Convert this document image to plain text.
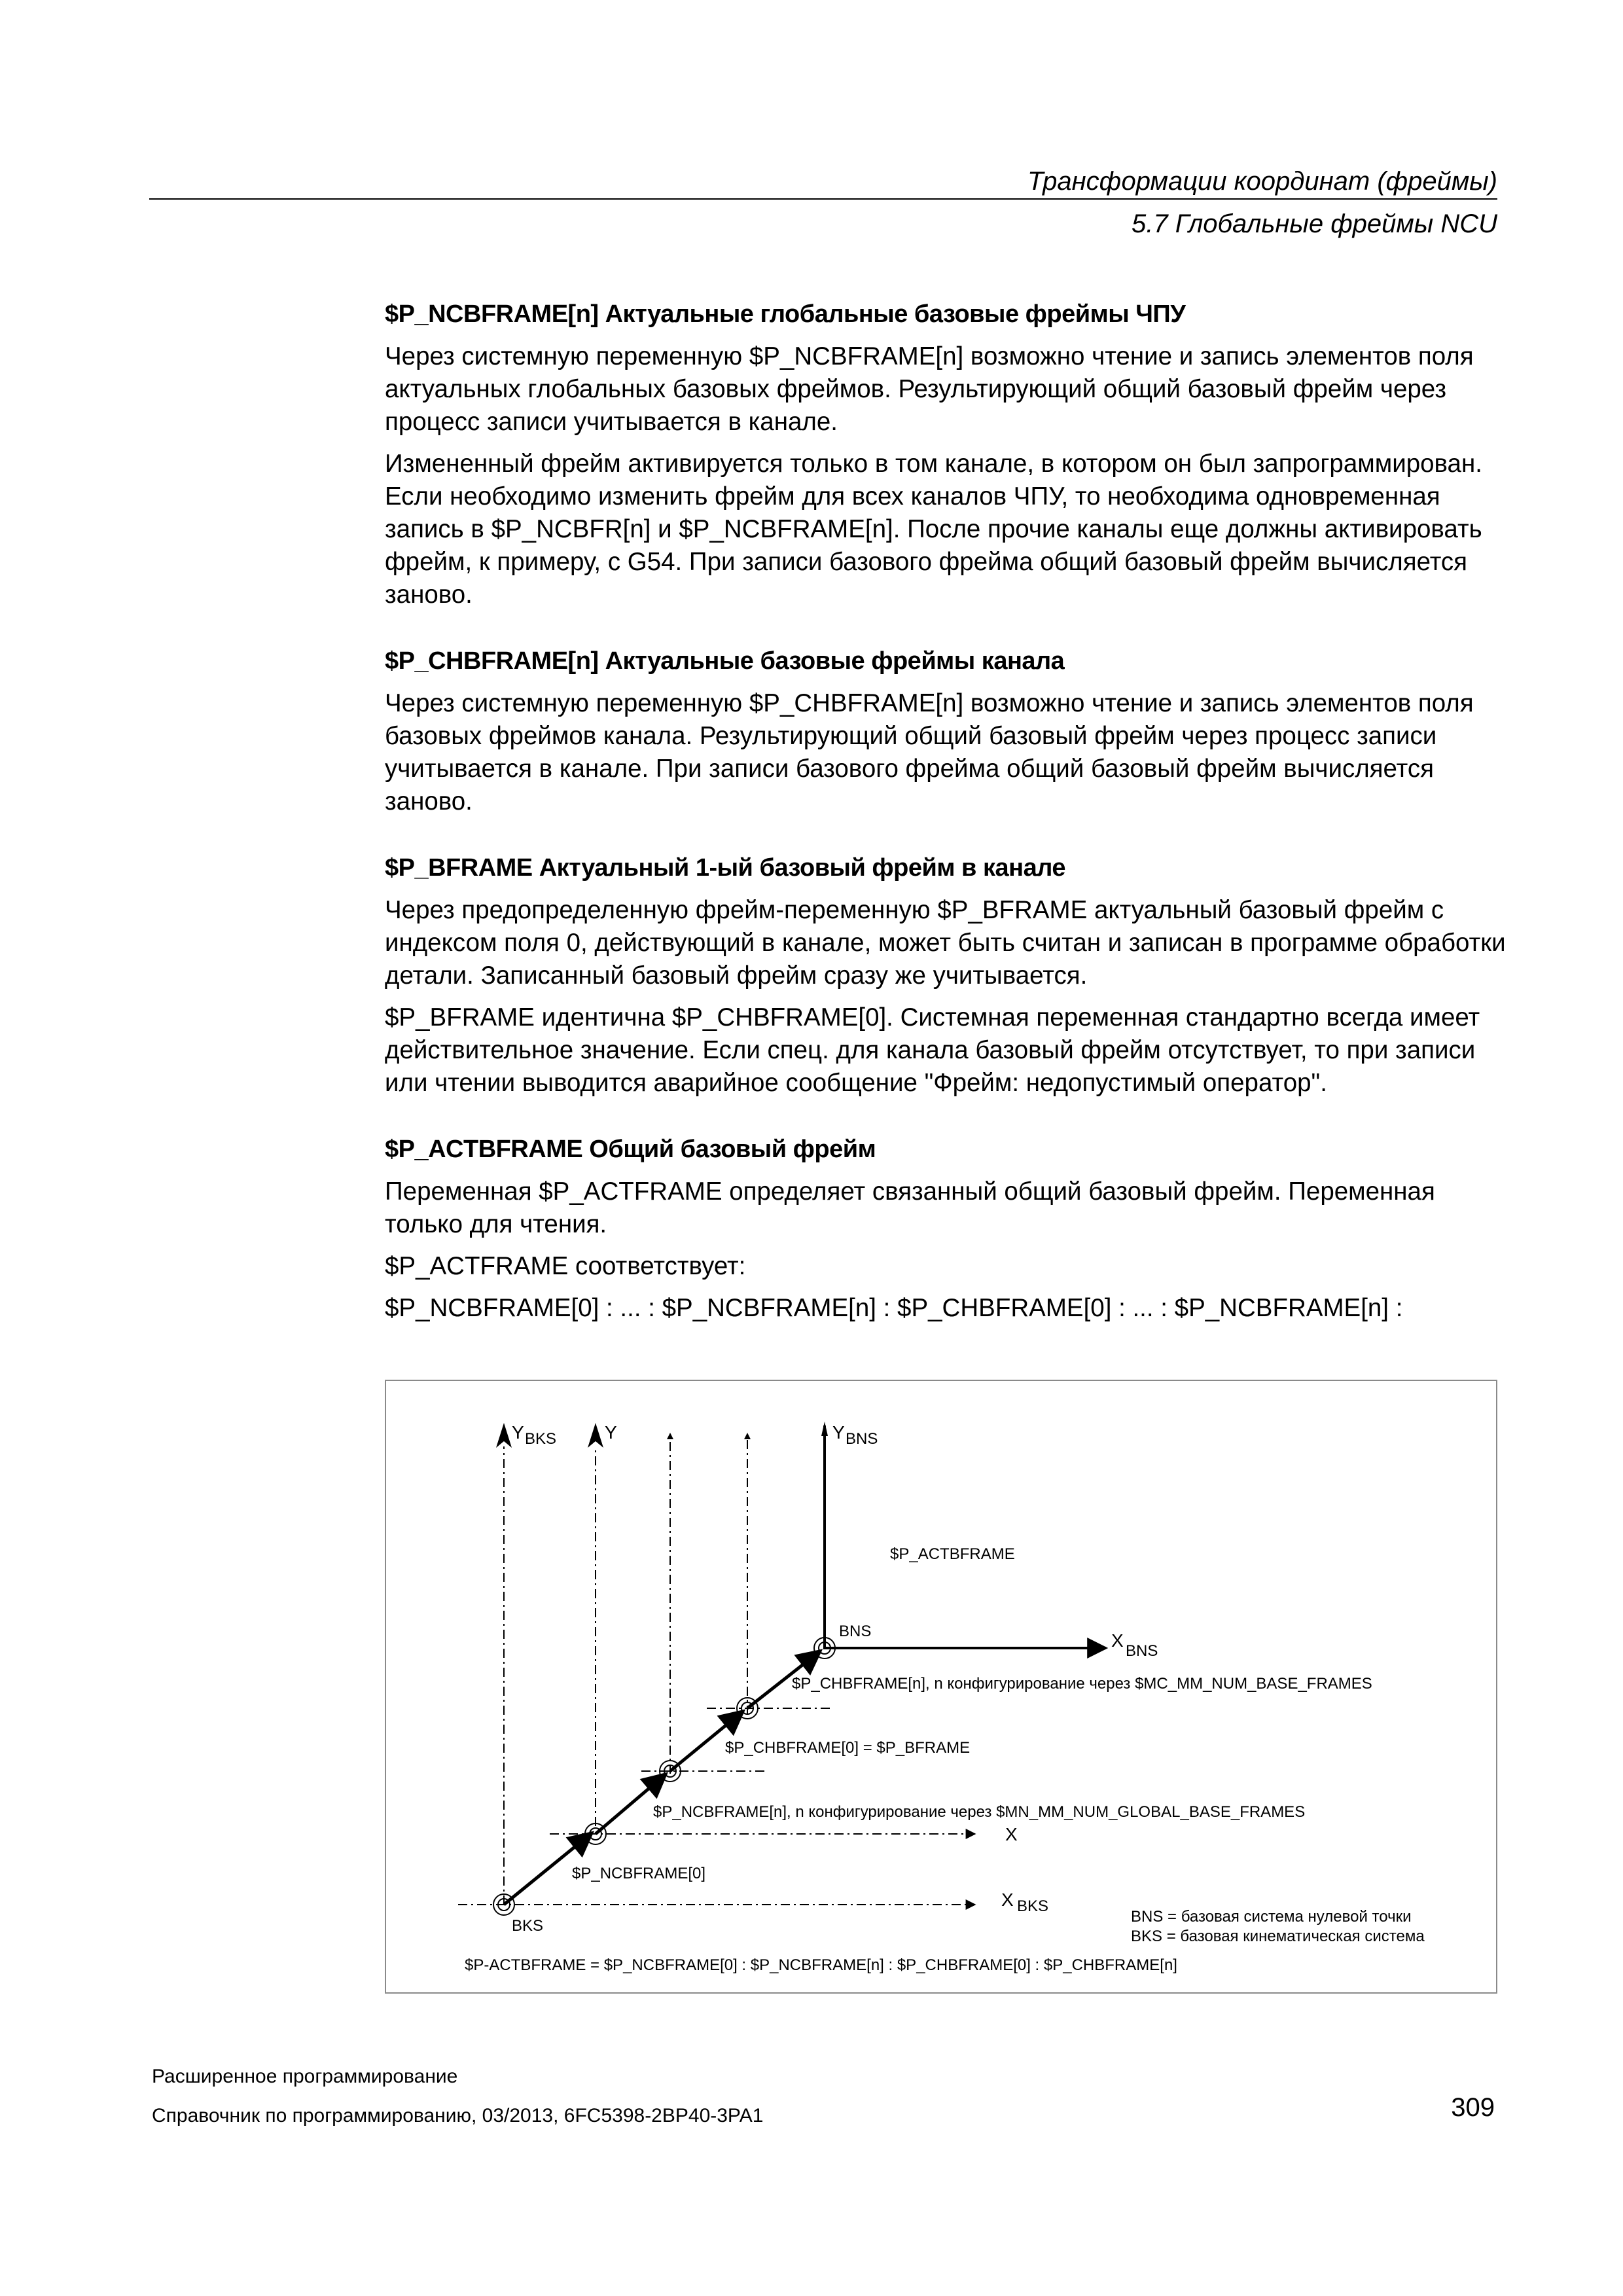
Трансформации координат (фреймы)
5.7 Глобальные фреймы NCU

$P_NCBFRAME[n] Актуальные глобальные базовые фреймы ЧПУ

Через системную переменную $P_NCBFRAME[n] возможно чтение и запись элементов поля актуальных глобальных базовых фреймов. Результирующий общий базовый фрейм через процесс записи учитывается в канале.

Измененный фрейм активируется только в том канале, в котором он был запрограммирован. Если необходимо изменить фрейм для всех каналов ЧПУ, то необходима одновременная запись в $P_NCBFR[n] и $P_NCBFRAME[n]. После прочие каналы еще должны активировать фрейм, к примеру, с G54. При записи базового фрейма общий базовый фрейм вычисляется заново.

$P_CHBFRAME[n] Актуальные базовые фреймы канала

Через системную переменную $P_CHBFRAME[n] возможно чтение и запись элементов поля базовых фреймов канала. Результирующий общий базовый фрейм через процесс записи учитывается в канале. При записи базового фрейма общий базовый фрейм вычисляется заново.

$P_BFRAME Актуальный 1-ый базовый фрейм в канале

Через предопределенную фрейм-переменную $P_BFRAME актуальный базовый фрейм с индексом поля 0, действующий в канале, может быть считан и записан в программе обработки детали. Записанный базовый фрейм сразу же учитывается.

$P_BFRAME идентична $P_CHBFRAME[0]. Системная переменная стандартно всегда имеет действительное значение. Если спец. для канала базовый фрейм отсутствует, то при записи или чтении выводится аварийное сообщение "Фрейм: недопустимый оператор".

$P_ACTBFRAME Общий базовый фрейм

Переменная $P_ACTFRAME определяет связанный общий базовый фрейм. Переменная только для чтения.

$P_ACTFRAME соответствует:

$P_NCBFRAME[0] : ... : $P_NCBFRAME[n] : $P_CHBFRAME[0] : ... : $P_NCBFRAME[n] :

Y BKS	Y	Y BNS
$P_ACTBFRAME
BNS	X
BNS
$P_CHBFRAME[n], n конфигурирование через $MC_MM_NUM_BASE_FRAMES
$P_CHBFRAME[0] = $P_BFRAME
$P_NCBFRAME[n], n конфигурирование через $MN_MM_NUM_GLOBAL_BASE_FRAMES
X
$P_NCBFRAME[0]
X BKS
BKS
BNS = базовая система нулевой точки
BKS = базовая кинематическая система
$P-ACTBFRAME = $P_NCBFRAME[0] : $P_NCBFRAME[n] : $P_CHBFRAME[0] : $P_CHBFRAME[n]
Расширенное программирование
Справочник по программированию, 03/2013, 6FC5398-2BP40-3PA1	309
